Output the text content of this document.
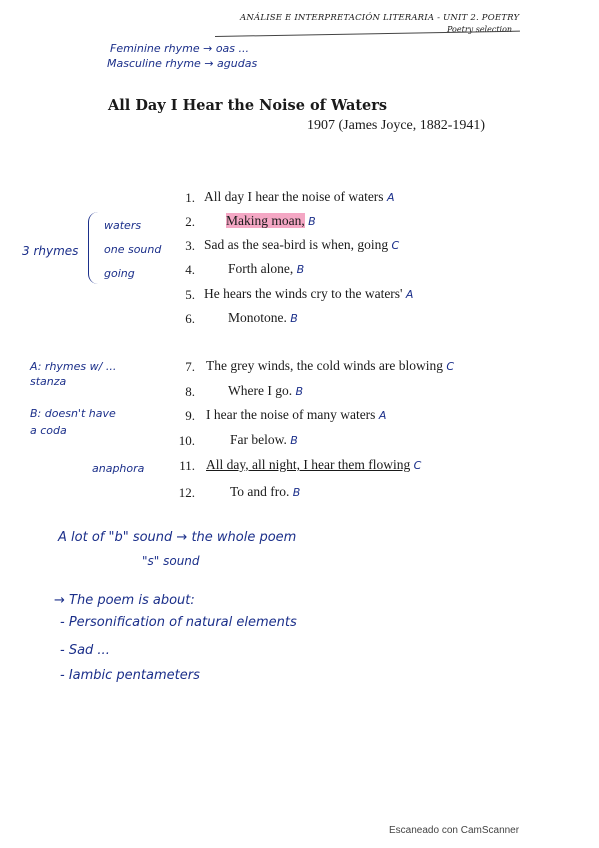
ANÁLISE E INTERPRETACIÓN LITERARIA - UNIT 2. POETRY
Poetry selection
Feminine rhyme → oas ...
Masculine rhyme → agudas
All Day I Hear the Noise of Waters
1907 (James Joyce, 1882-1941)
3 rhymes
waters
one sound
going
A: rhymes w/ ...
stanza
B: doesn't have
a coda
anaphora
1. All day I hear the noise of waters A
2. Making moan, B
3. Sad as the sea-bird is when, going C
4. Forth alone, B
5. He hears the winds cry to the waters' A
6. Monotone. B
7. The grey winds, the cold winds are blowing C
8. Where I go. B
9. I hear the noise of many waters A
10.	Far below. B
11. All day, all night, I hear them flowing C
12.	To and fro. B
A lot of "b" sound → the whole poem
"s" sound
→ The poem is about:
- Personification of natural elements
- Sad ...
- Iambic pentameters
Escaneado con CamScanner
